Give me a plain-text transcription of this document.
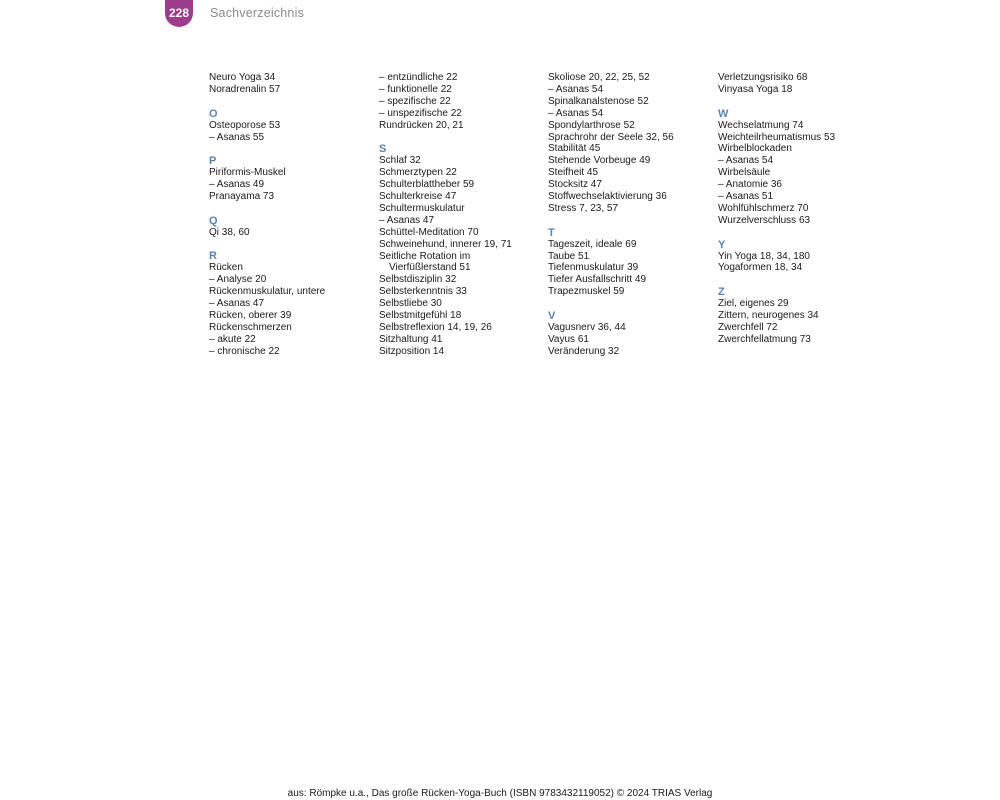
228	Sachverzeichnis
Neuro Yoga 34
Noradrenalin 57
O
Osteoporose 53
– Asanas 55
P
Piriformis-Muskel
– Asanas 49
Pranayama 73
Q
Qi 38, 60
R
Rücken
– Analyse 20
Rückenmuskulatur, untere
– Asanas 47
Rücken, oberer 39
Rückenschmerzen
– akute 22
– chronische 22
– entzündliche 22
– funktionelle 22
– spezifische 22
– unspezifische 22
Rundrücken 20, 21
S
Schlaf 32
Schmerztypen 22
Schulterblattheber 59
Schulterkreise 47
Schultermuskulatur
– Asanas 47
Schüttel-Meditation 70
Schweinehund, innerer 19, 71
Seitliche Rotation im
Vierfüßlerstand 51
Selbstdisziplin 32
Selbsterkenntnis 33
Selbstliebe 30
Selbstmitgefühl 18
Selbstreflexion 14, 19, 26
Sitzhaltung 41
Sitzposition 14
Skoliose 20, 22, 25, 52
– Asanas 54
Spinalkanalstenose 52
– Asanas 54
Spondylarthrose 52
Sprachrohr der Seele 32, 56
Stabilität 45
Stehende Vorbeuge 49
Steifheit 45
Stocksitz 47
Stoffwechselaktivierung 36
Stress 7, 23, 57
T
Tageszeit, ideale 69
Taube 51
Tiefenmuskulatur 39
Tiefer Ausfallschritt 49
Trapezmuskel 59
V
Vagusnerv 36, 44
Vayus 61
Veränderung 32
Verletzungsrisiko 68
Vinyasa Yoga 18
W
Wechselatmung 74
Weichteilrheumatismus 53
Wirbelblockaden
– Asanas 54
Wirbelsäule
– Anatomie 36
– Asanas 51
Wohlfühlschmerz 70
Wurzelverschluss 63
Y
Yin Yoga 18, 34, 180
Yogaformen 18, 34
Z
Ziel, eigenes 29
Zittern, neurogenes 34
Zwerchfell 72
Zwerchfellatmung 73
aus: Römpke u.a., Das große Rücken-Yoga-Buch (ISBN 9783432119052) © 2024 TRIAS Verlag
